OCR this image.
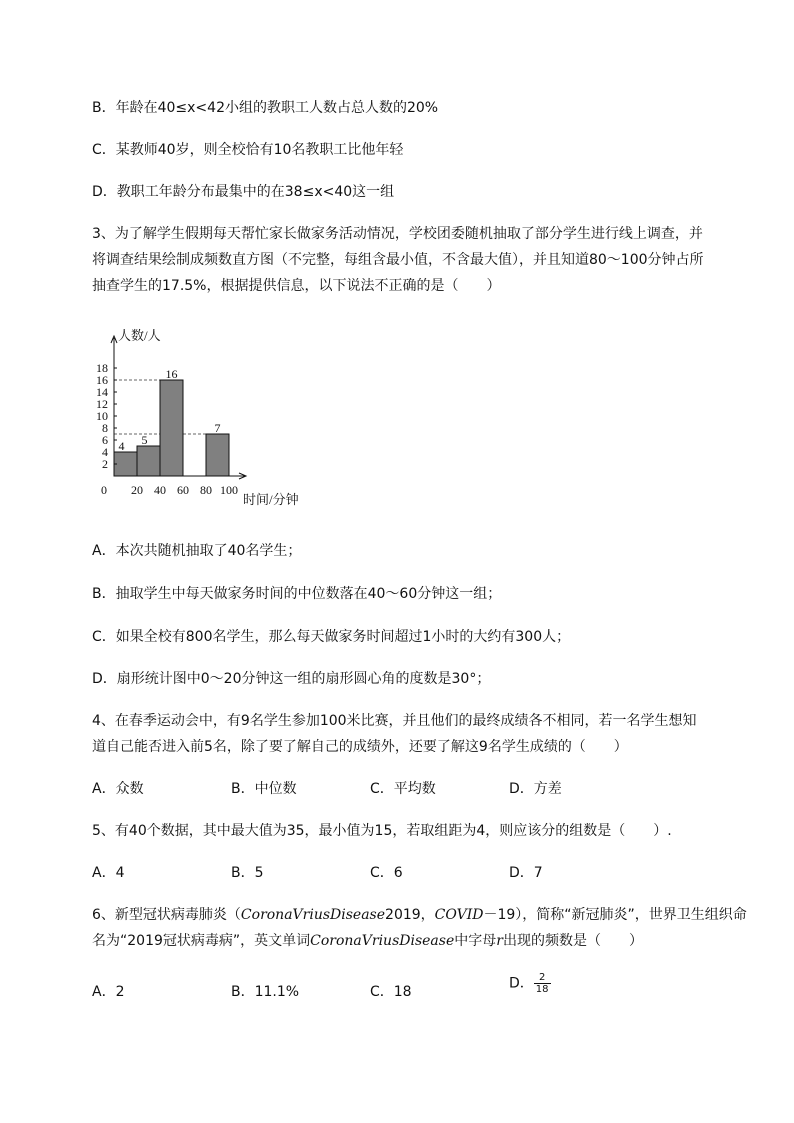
B．年龄在40≤x<42小组的教职工人数占总人数的20%
C．某教师40岁，则全校恰有10名教职工比他年轻
D．教职工年龄分布最集中的在38≤x<40这一组
3、为了解学生假期每天帮忙家长做家务活动情况，学校团委随机抽取了部分学生进行线上调查，并
将调查结果绘制成频数直方图（不完整，每组含最小值，不含最大值），并且知道80～100分钟占所
抽查学生的17.5%，根据提供信息，以下说法不正确的是（　　）
4 5
16
7
2
4
6
8
10
12
14
16
18
0 20 40 60 80 100
人数/人
时间/分钟
A．本次共随机抽取了40名学生；
B．抽取学生中每天做家务时间的中位数落在40～60分钟这一组；
C．如果全校有800名学生，那么每天做家务时间超过1小时的大约有300人；
D．扇形统计图中0～20分钟这一组的扇形圆心角的度数是30°；
4、在春季运动会中，有9名学生参加100米比赛，并且他们的最终成绩各不相同，若一名学生想知
道自己能否进入前5名，除了要了解自己的成绩外，还要了解这9名学生成绩的（　　）
A．众数	B．中位数	C．平均数	D．方差
5、有40个数据，其中最大值为35，最小值为15，若取组距为4，则应该分的组数是（　　）.
A．4	B．5	C．6	D．7
6、新型冠状病毒肺炎（CoronaVriusDisease2019，COVID－19），简称“新冠肺炎”，世界卫生组织命
名为“2019冠状病毒病”，英文单词CoronaVriusDisease中字母r出现的频数是（　　）
A．2	B．11.1%	C．18
D． $\frac{2}{18}$
